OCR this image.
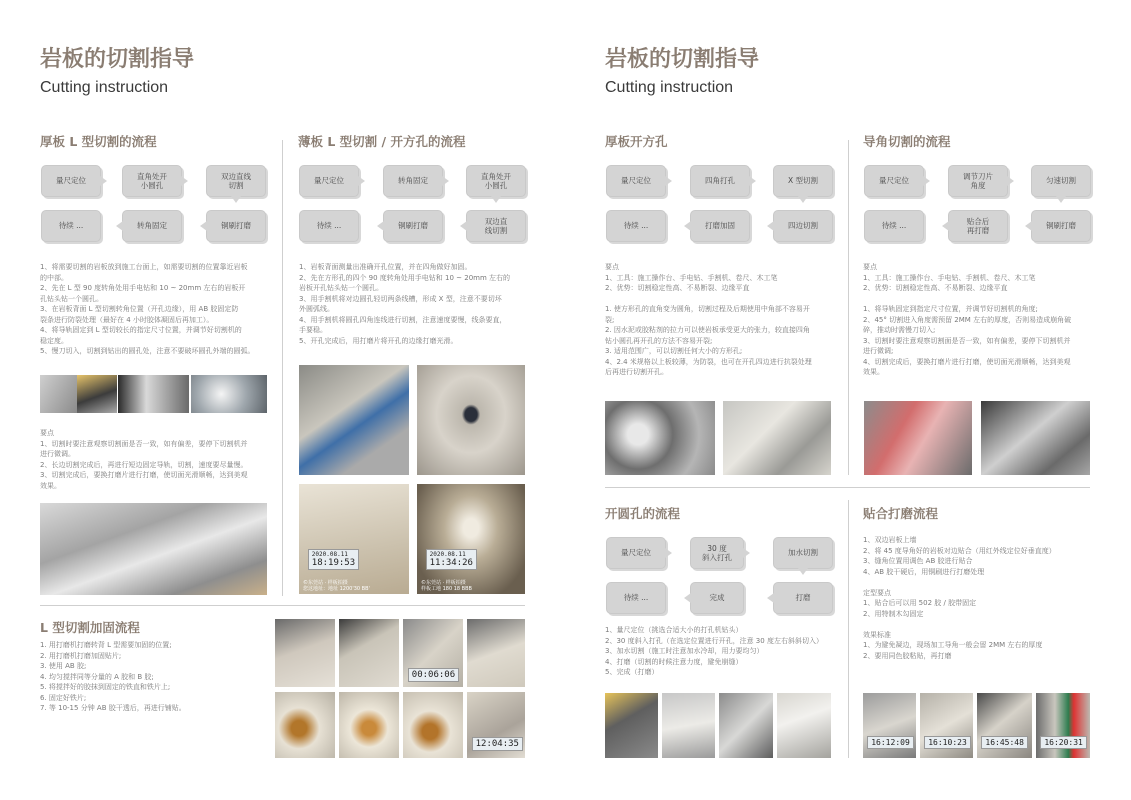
岩板的切割指导
Cutting instruction
厚板 L 型切割的流程
量尺定位
直角处开
小圆孔
双边直线
切割
铜刷打磨
转角固定
待续 ...
1、将需要切割的岩板放到施工台面上，如需要切割的位置靠近岩板
的中部。
2、先在 L 型 90 度转角处用手电钻和 10 ~ 20mm 左右的岩板开
孔钻头钻一个圆孔。
3、在岩板背面 L 型切割转角位置（开孔边缘），用 AB 胶固定防
裂条进行防裂处理（最好在 4 小时胶体凝固后再加工）。
4、将导轨固定到 L 型切较长的指定尺寸位置，并调节好切割机的
稳定度。
5、慢刀切入，切割到钻出的圆孔处，注意不要破坏圆孔外端的圆弧。
要点
1、切割时要注意观察切割面是否一致，如有偏差，要停下切割机并
进行微调。
2、长边切割完成后，再进行短边固定导轨，切割，速度要尽量慢。
3、切割完成后，要换打磨片进行打磨，使切面光滑顺畅，达到美观
效果。
薄板 L 型切割 / 开方孔的流程
量尺定位	转角固定
直角处开
小圆孔
双边直
线切割
铜刷打磨
待续 ...
1、岩板背面测量出准确开孔位置，并在四角做好加固。
2、先在方形孔的四个 90 度转角处用手电钻和 10 ~ 20mm 左右的
岩板开孔钻头钻一个圆孔。
3、用手割机将对边圆孔轻切两条线槽，形成 X 型，注意不要切坏
外圆弧线。
4、用手割机将圆孔四角连线进行切割，注意速度要慢，线条要直，
手要稳。
5、开孔完成后，用打磨片将开孔的边缘打磨光滑。
2020.08.11
18:19:53
©东莞站 · 样板拍摄
您这地址：地址 1200'30 BB'
2020.08.11
11:34:26
©东莞站 · 样板拍摄
样板工地 180 18 BBB
L 型切割加固流程
1. 用打磨机打磨转背 L 型需要加固的位置;
2. 用打磨机打磨加固贴片;
3. 使用 AB 胶;
4. 均匀搅拌同等分量的 A 胶和 B 胶;
5. 将搅拌好的胶抹到固定的铁直和铁片上;
6. 固定好铁片;
7. 等 10-15 分钟 AB 胶干透后，再进行铺贴。
00:06:06
12:04:35
岩板的切割指导
Cutting instruction
厚板开方孔
量尺定位	四角打孔	X 型切割
四边切割
打磨加固
待续 ...
要点
1、工具：施工操作台、手电钻、手割机、卷尺、木工笔
2、优势：切割稳定性高、不易断裂、边缘平直

1. 使方形孔的直角变为圆角，切割过程及后期使用中角部不容易开
裂;
2. 因水泥或胶粘剂的拉力可以使岩板承受更大的张力，较直接四角
钻小圆孔再开孔的方法不容易开裂;
3. 适用范围广，可以切割任何大小的方形孔;
4、2.4 米规格以上板较薄，为防裂，也可在开孔四边进行抗裂处理
后再进行切割开孔。
导角切割的流程
量尺定位
调节刀片
角度
匀速切割
铜刷打磨
贴合后
再打磨
待续 ...
要点
1、工具：施工操作台、手电钻、手割机、卷尺、木工笔
2、优势：切割稳定性高、不易断裂、边缘平直

1、将导轨固定到指定尺寸位置，并调节好切割机的角度;
2、45° 切割进入角度需预留 2MM 左右的厚度，否则易造成崩角破
碎，推动时需慢刀切入;
3、切割时要注意观察切割面是否一致，如有偏差，要停下切割机并
进行微调;
4、切割完成后，要换打磨片进行打磨，使切面光滑顺畅，达到美观
效果。
开圆孔的流程
量尺定位
30 度
斜入打孔
加水切割
打磨
完成
待续 ...
1、量尺定位（挑选合适大小的打孔机钻头）
2、30 度斜入打孔（在选定位置进行开孔，注意 30 度左右斜斜切入）
3、加水切割（施工时注意加水冷却，用力要均匀）
4、打磨（切割的时候注意力度，避免崩缝）
5、完成（打磨）
贴合打磨流程
1、双边岩板上墙
2、将 45 度导角好的岩板对边贴合（用红外线定位好垂直度）
3、缝角位置用调色 AB 胶进行贴合
4、AB 胶干硬后，用铜刷进行打磨处理

定型要点
1、贴合后可以用 502 胶 / 胶带固定
2、用特制木勾固定

效果标准
1、为避免凝边，现场加工导角一般会留 2MM 左右的厚度
2、要用同色胶粘贴，再打磨
16:12:09	16:10:23	16:45:48	16:20:31
